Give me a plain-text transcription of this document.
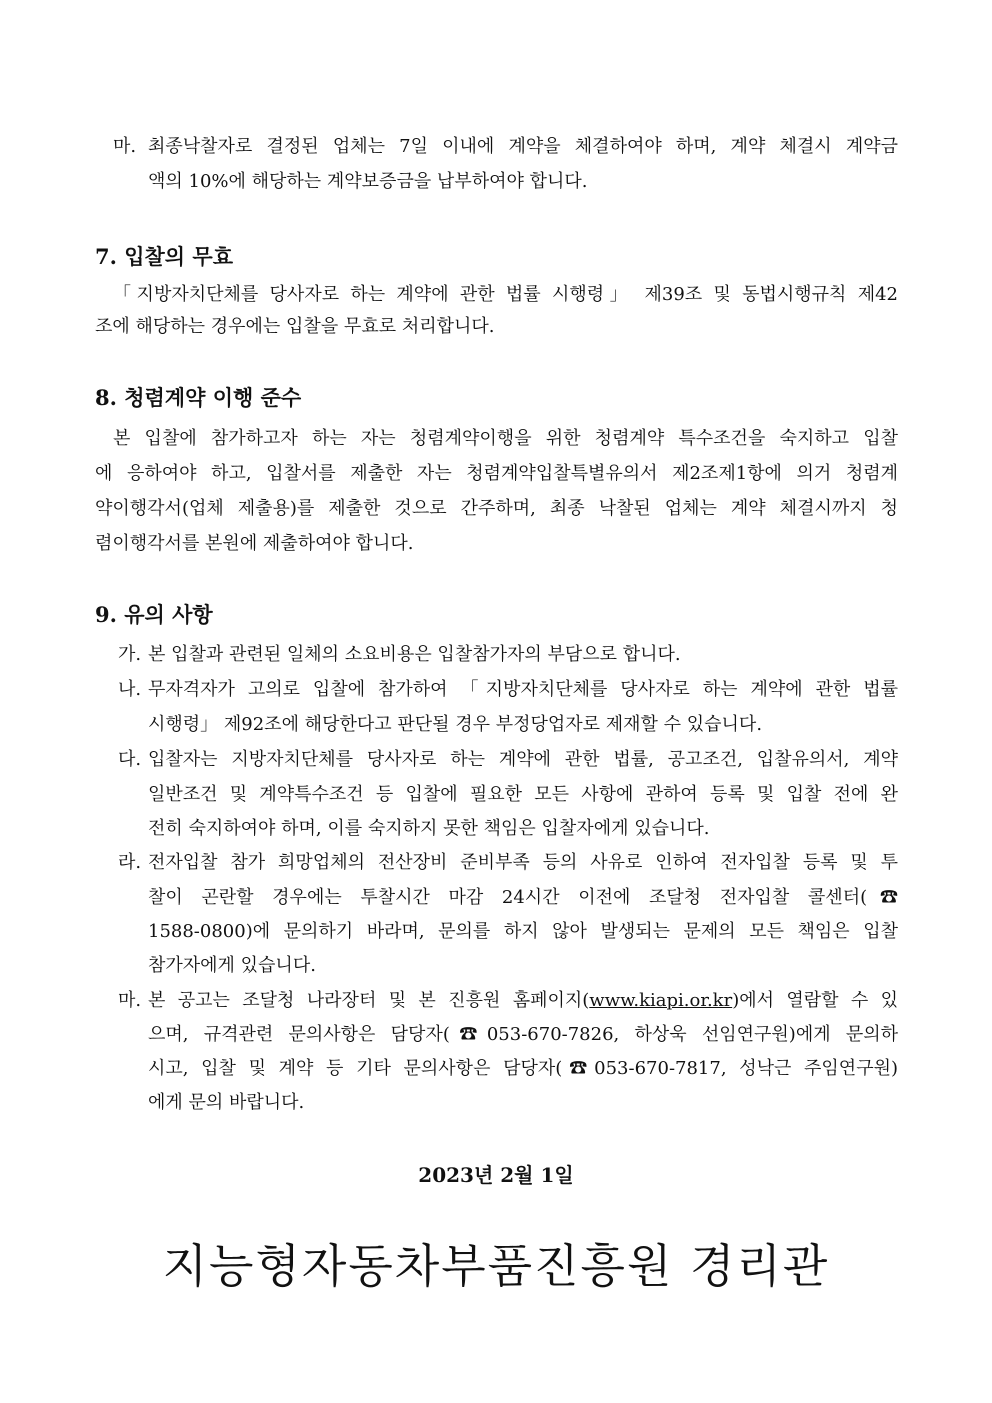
마. 최종낙찰자로 결정된 업체는 7일 이내에 계약을 체결하여야 하며, 계약 체결시 계약금
액의 10%에 해당하는 계약보증금을 납부하여야 합니다.
7. 입찰의 무효
「지방자치단체를 당사자로 하는 계약에 관한 법률 시행령」 제39조 및 동법시행규칙 제42
조에 해당하는 경우에는 입찰을 무효로 처리합니다.
8. 청렴계약 이행 준수
본 입찰에 참가하고자 하는 자는 청렴계약이행을 위한 청렴계약 특수조건을 숙지하고 입찰
에 응하여야 하고, 입찰서를 제출한 자는 청렴계약입찰특별유의서 제2조제1항에 의거 청렴계
약이행각서(업체 제출용)를 제출한 것으로 간주하며, 최종 낙찰된 업체는 계약 체결시까지 청
렴이행각서를 본원에 제출하여야 합니다.
9. 유의 사항
가. 본 입찰과 관련된 일체의 소요비용은 입찰참가자의 부담으로 합니다.
나. 무자격자가 고의로 입찰에 참가하여 「지방자치단체를 당사자로 하는 계약에 관한 법률
시행령」 제92조에 해당한다고 판단될 경우 부정당업자로 제재할 수 있습니다.
다. 입찰자는 지방자치단체를 당사자로 하는 계약에 관한 법률, 공고조건, 입찰유의서, 계약
일반조건 및 계약특수조건 등 입찰에 필요한 모든 사항에 관하여 등록 및 입찰 전에 완
전히 숙지하여야 하며, 이를 숙지하지 못한 책임은 입찰자에게 있습니다.
라. 전자입찰 참가 희망업체의 전산장비 준비부족 등의 사유로 인하여 전자입찰 등록 및 투
찰이 곤란할 경우에는 투찰시간 마감 24시간 이전에 조달청 전자입찰 콜센터(☎
1588-0800)에 문의하기 바라며, 문의를 하지 않아 발생되는 문제의 모든 책임은 입찰
참가자에게 있습니다.
마. 본 공고는 조달청 나라장터 및 본 진흥원 홈페이지(www.kiapi.or.kr)에서 열람할 수 있
으며, 규격관련 문의사항은 담당자(☎053-670-7826, 하상욱 선임연구원)에게 문의하
시고, 입찰 및 계약 등 기타 문의사항은 담당자(☎053-670-7817, 성낙근 주임연구원)
에게 문의 바랍니다.
2023년 2월 1일
지능형자동차부품진흥원 경리관
